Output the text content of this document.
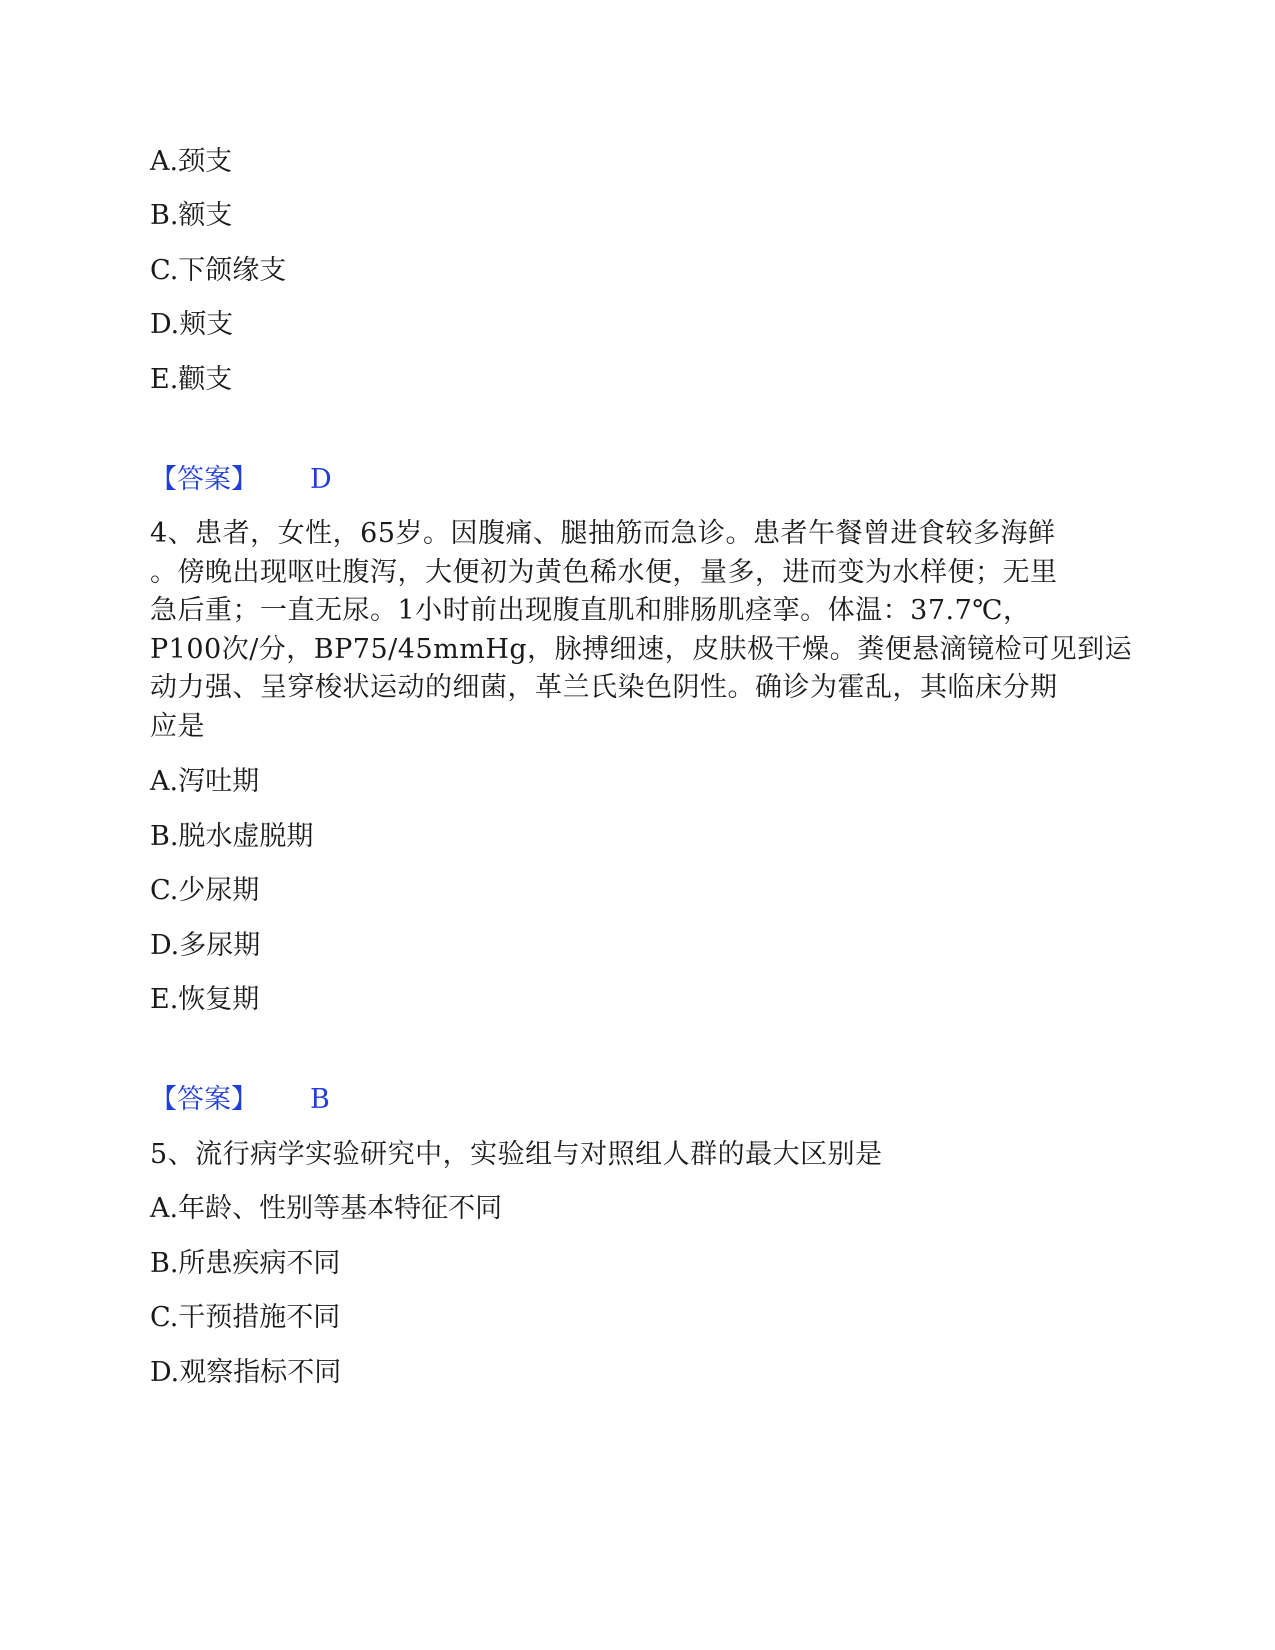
A.颈支
B.额支
C.下颌缘支
D.颊支
E.颧支
【答案】 D
4、患者，女性，65岁。因腹痛、腿抽筋而急诊。患者午餐曾进食较多海鲜
。傍晚出现呕吐腹泻，大便初为黄色稀水便，量多，进而变为水样便；无里
急后重；一直无尿。1小时前出现腹直肌和腓肠肌痉挛。体温：37.7℃，
P100次/分，BP75/45mmHg，脉搏细速，皮肤极干燥。粪便悬滴镜检可见到运
动力强、呈穿梭状运动的细菌，革兰氏染色阴性。确诊为霍乱，其临床分期
应是
A.泻吐期
B.脱水虚脱期
C.少尿期
D.多尿期
E.恢复期
【答案】 B
5、流行病学实验研究中，实验组与对照组人群的最大区别是
A.年龄、性别等基本特征不同
B.所患疾病不同
C.干预措施不同
D.观察指标不同
